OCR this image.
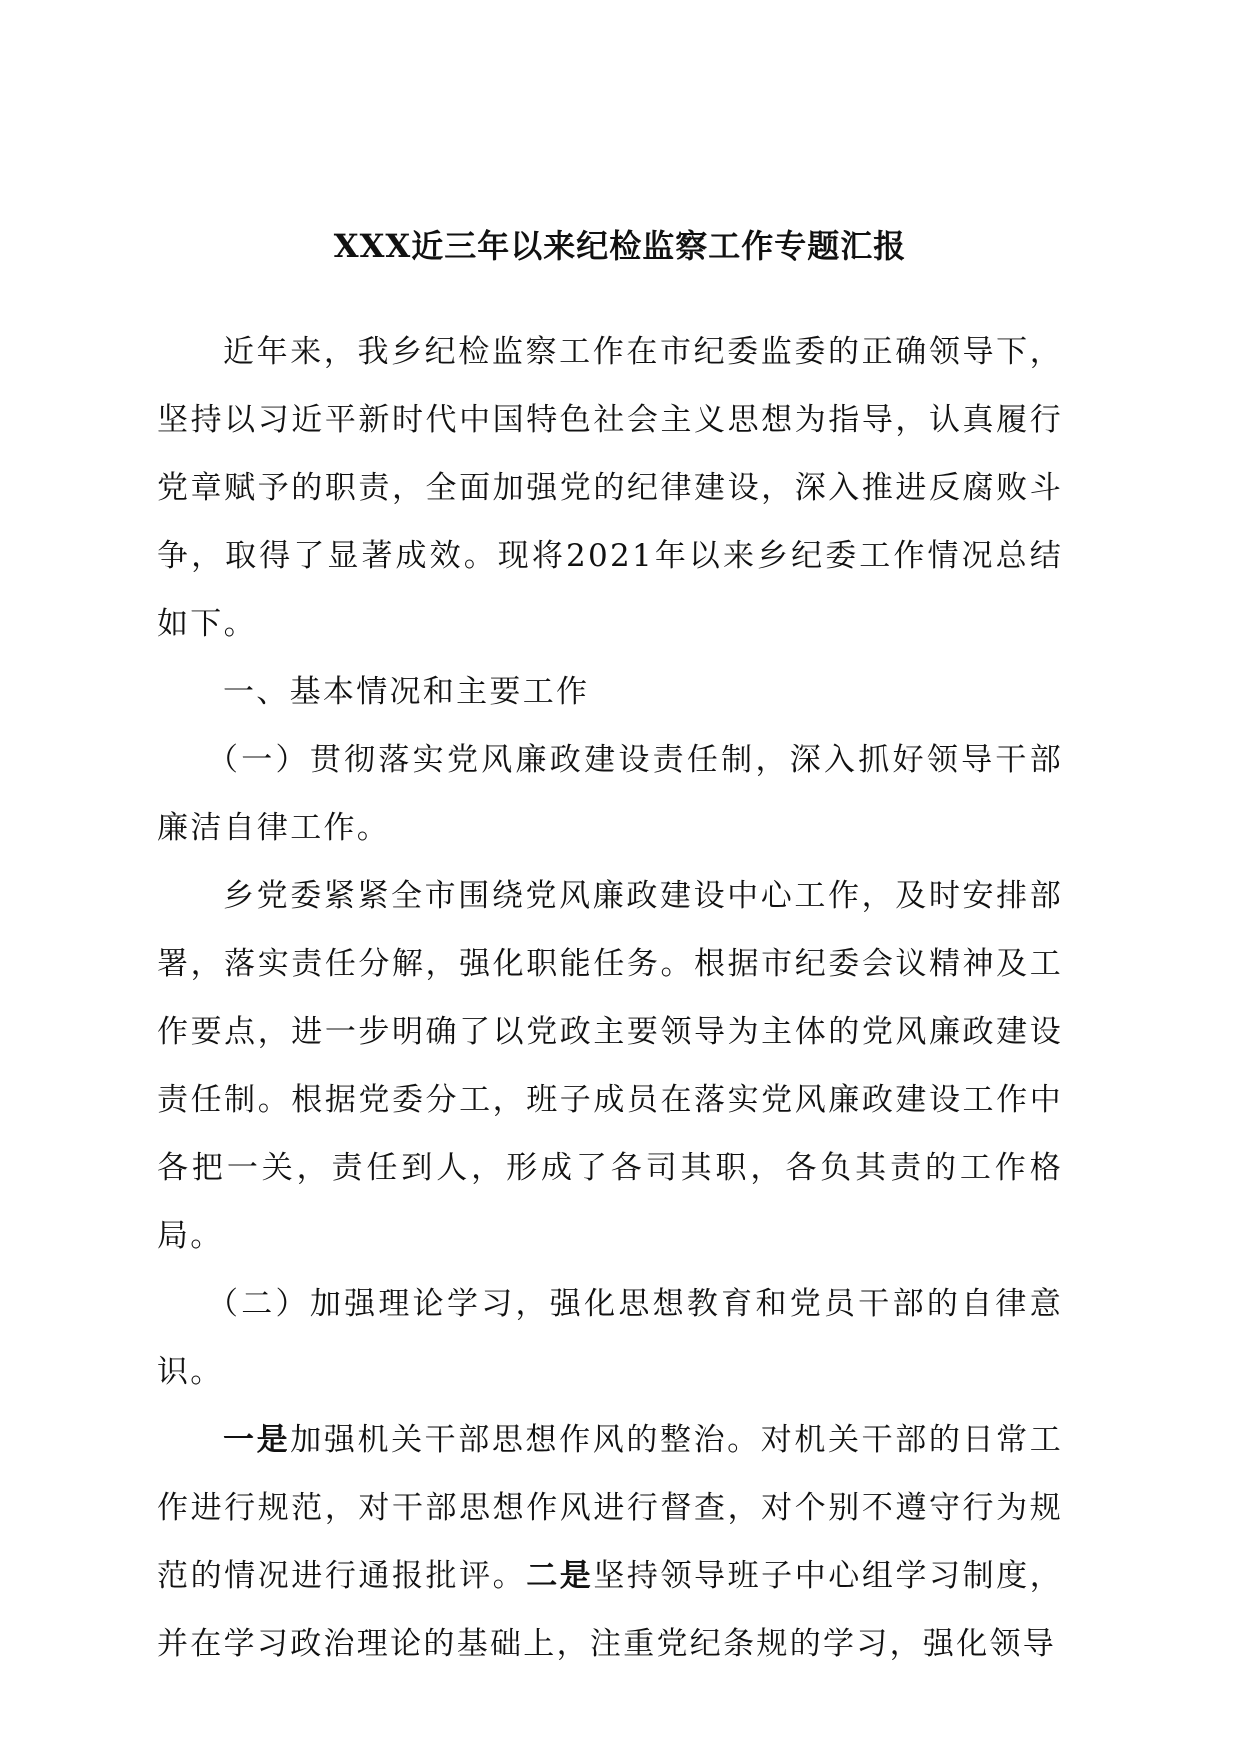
XXX近三年以来纪检监察工作专题汇报

近年来，我乡纪检监察工作在市纪委监委的正确领导下，坚持以习近平新时代中国特色社会主义思想为指导，认真履行党章赋予的职责，全面加强党的纪律建设，深入推进反腐败斗争，取得了显著成效。现将2021年以来乡纪委工作情况总结如下。

一、基本情况和主要工作

（一）贯彻落实党风廉政建设责任制，深入抓好领导干部廉洁自律工作。

乡党委紧紧全市围绕党风廉政建设中心工作，及时安排部署，落实责任分解，强化职能任务。根据市纪委会议精神及工作要点，进一步明确了以党政主要领导为主体的党风廉政建设责任制。根据党委分工，班子成员在落实党风廉政建设工作中各把一关，责任到人，形成了各司其职，各负其责的工作格局。

（二）加强理论学习，强化思想教育和党员干部的自律意识。

一是加强机关干部思想作风的整治。对机关干部的日常工作进行规范，对干部思想作风进行督查，对个别不遵守行为规范的情况进行通报批评。二是坚持领导班子中心组学习制度，并在学习政治理论的基础上，注重党纪条规的学习，强化领导
